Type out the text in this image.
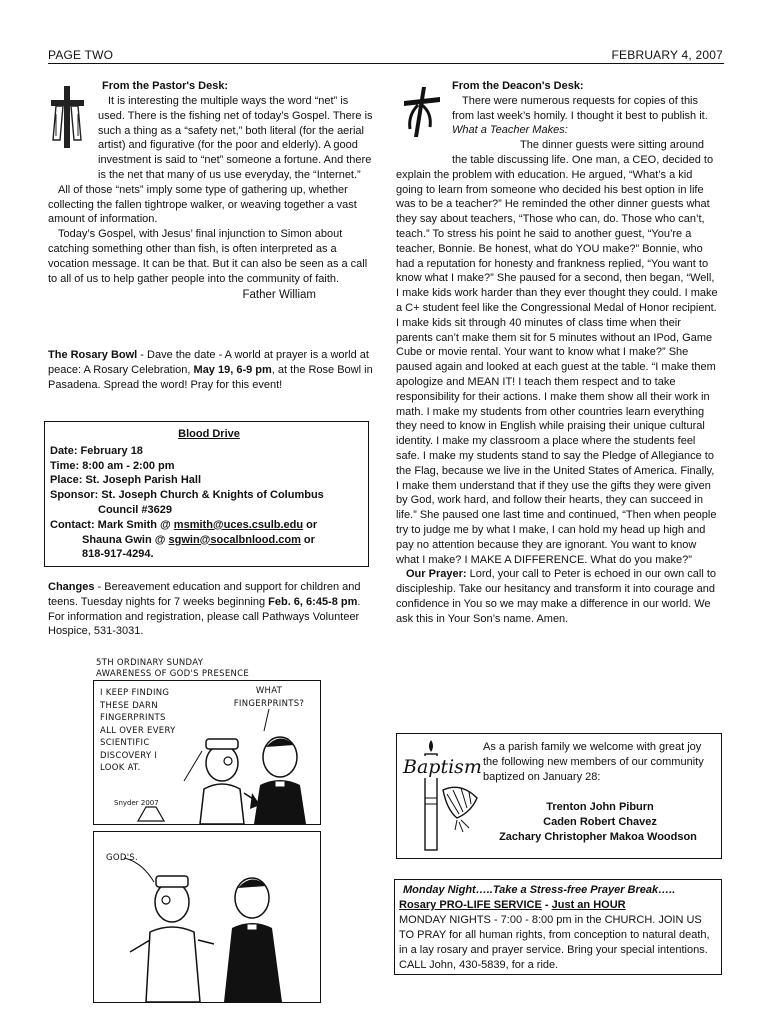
PAGE TWO	FEBRUARY 4, 2007
From the Pastor's Desk:

It is interesting the multiple ways the word “net” is used. There is the fishing net of today’s Gospel. There is such a thing as a “safety net,” both literal (for the aerial artist) and figurative (for the poor and elderly). A good investment is said to “net” someone a fortune. And there is the net that many of us use everyday, the “Internet.”

All of those “nets” imply some type of gathering up, whether collecting the fallen tightrope walker, or weaving together a vast amount of information.

Today’s Gospel, with Jesus’ final injunction to Simon about catching something other than fish, is often interpreted as a vocation message. It can be that. But it can also be seen as a call to all of us to help gather people into the community of faith.

Father William

The Rosary Bowl - Dave the date - A world at prayer is a world at peace: A Rosary Celebration, May 19, 6-9 pm, at the Rose Bowl in Pasadena. Spread the word! Pray for this event!

Blood Drive
Date: February 18
Time: 8:00 am - 2:00 pm
Place: St. Joseph Parish Hall
Sponsor: St. Joseph Church & Knights of Columbus
Council #3629
Contact: Mark Smith @ msmith@uces.csulb.edu or
Shauna Gwin @ sgwin@socalbnlood.com or
818-917-4294.

Changes - Bereavement education and support for children and teens. Tuesday nights for 7 weeks beginning Feb. 6, 6:45-8 pm. For information and registration, please call Pathways Volunteer Hospice, 531-3031.

5TH ORDINARY SUNDAY
AWARENESS OF GOD'S PRESENCE
I KEEP FINDING
THESE DARN
FINGERPRINTS
ALL OVER EVERY
SCIENTIFIC
DISCOVERY I
LOOK AT.
WHAT
FINGERPRINTS?
Snyder 2007
GOD'S.
From the Deacon's Desk:

There were numerous requests for copies of this from last week’s homily. I thought it best to publish it.

What a Teacher Makes:

The dinner guests were sitting around the table discussing life. One man, a CEO, decided to explain the problem with education. He argued, “What’s a kid going to learn from someone who decided his best option in life was to be a teacher?” He reminded the other dinner guests what they say about teachers, “Those who can, do. Those who can’t, teach.” To stress his point he said to another guest, “You’re a teacher, Bonnie. Be honest, what do YOU make?” Bonnie, who had a reputation for honesty and frankness replied, “You want to know what I make?” She paused for a second, then began, “Well, I make kids work harder than they ever thought they could. I make a C+ student feel like the Congressional Medal of Honor recipient. I make kids sit through 40 minutes of class time when their parents can’t make them sit for 5 minutes without an IPod, Game Cube or movie rental. Your want to know what I make?” She paused again and looked at each guest at the table. “I make them apologize and MEAN IT! I teach them respect and to take responsibility for their actions. I make them show all their work in math. I make my students from other countries learn everything they need to know in English while praising their unique cultural identity. I make my classroom a place where the students feel safe. I make my students stand to say the Pledge of Allegiance to the Flag, because we live in the United States of America. Finally, I make them understand that if they use the gifts they were given by God, work hard, and follow their hearts, they can succeed in life.” She paused one last time and continued, “Then when people try to judge me by what I make, I can hold my head up high and pay no attention because they are ignorant. You want to know what I make? I MAKE A DIFFERENCE. What do you make?”

Our Prayer: Lord, your call to Peter is echoed in our own call to discipleship. Take our hesitancy and transform it into courage and confidence in You so we may make a difference in our world. We ask this in Your Son’s name. Amen.

Baptism
As a parish family we welcome with great joy the following new members of our community baptized on January 28:
Trenton John Piburn
Caden Robert Chavez
Zachary Christopher Makoa Woodson
Monday Night…..Take a Stress-free Prayer Break…..
Rosary PRO-LIFE SERVICE - Just an HOUR
MONDAY NIGHTS - 7:00 - 8:00 pm in the CHURCH. JOIN US TO PRAY for all human rights, from conception to natural death, in a lay rosary and prayer service. Bring your special intentions. CALL John, 430-5839, for a ride.
